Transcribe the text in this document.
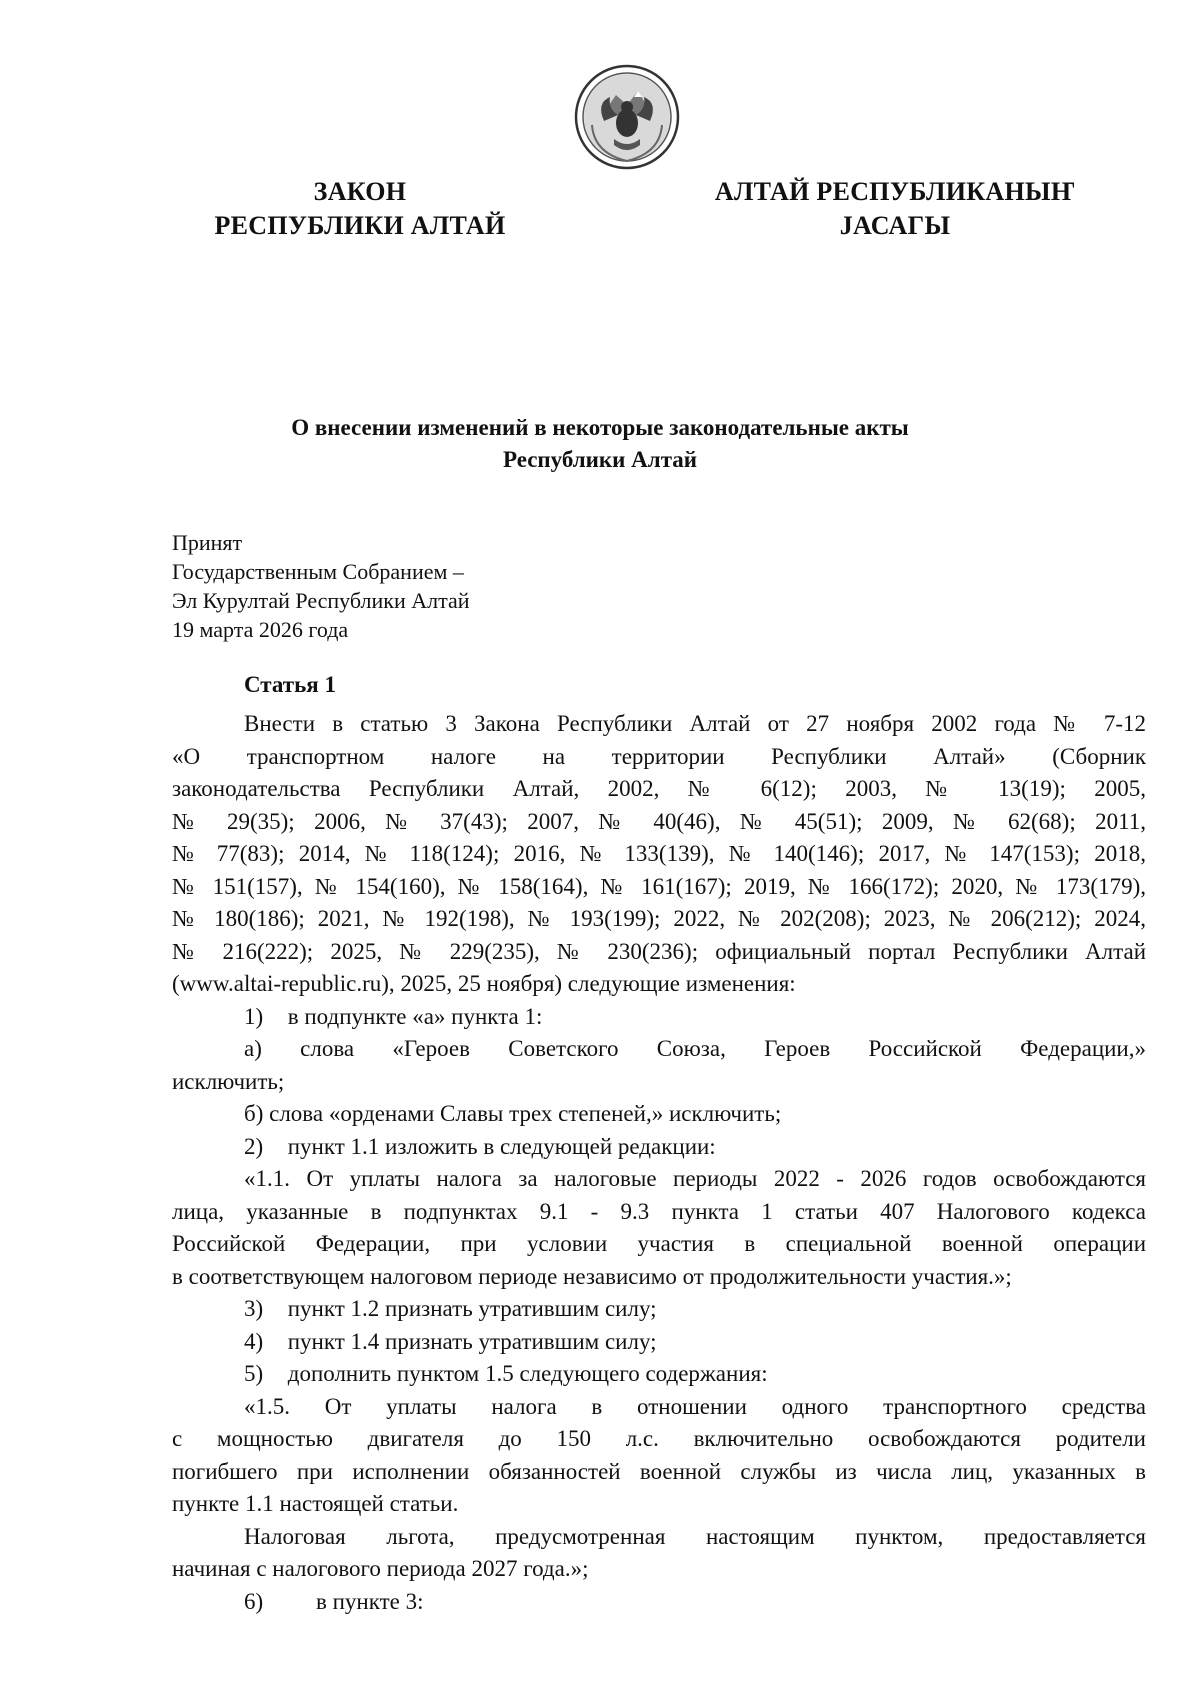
ЗАКОН
РЕСПУБЛИКИ АЛТАЙ
АЛТАЙ РЕСПУБЛИКАНЫҤ
ЈАСАГЫ
О внесении изменений в некоторые законодательные акты
Республики Алтай
Принят
Государственным Собранием –
Эл Курултай Республики Алтай
19 марта 2026 года
Статья 1

Внести в статью 3 Закона Республики Алтай от 27 ноября 2002 года № 7-12

«О транспортном налоге на территории Республики Алтай» (Сборник

законодательства Республики Алтай, 2002, № 6(12); 2003, № 13(19); 2005,

№ 29(35); 2006, № 37(43); 2007, № 40(46), № 45(51); 2009, № 62(68); 2011,

№ 77(83); 2014, № 118(124); 2016, № 133(139), № 140(146); 2017, № 147(153); 2018,

№ 151(157), № 154(160), № 158(164), № 161(167); 2019, № 166(172); 2020, № 173(179),

№ 180(186); 2021, № 192(198), № 193(199); 2022, № 202(208); 2023, № 206(212); 2024,

№ 216(222); 2025, № 229(235), № 230(236); официальный портал Республики Алтай

(www.altai-republic.ru), 2025, 25 ноября) следующие изменения:

1) в подпункте «а» пункта 1:

а) слова «Героев Советского Союза, Героев Российской Федерации,»

исключить;

б) слова «орденами Славы трех степеней,» исключить;

2) пункт 1.1 изложить в следующей редакции:

«1.1. От уплаты налога за налоговые периоды 2022 - 2026 годов освобождаются

лица, указанные в подпунктах 9.1 - 9.3 пункта 1 статьи 407 Налогового кодекса

Российской Федерации, при условии участия в специальной военной операции

в соответствующем налоговом периоде независимо от продолжительности участия.»;

3) пункт 1.2 признать утратившим силу;

4) пункт 1.4 признать утратившим силу;

5) дополнить пунктом 1.5 следующего содержания:

«1.5. От уплаты налога в отношении одного транспортного средства

с мощностью двигателя до 150 л.с. включительно освобождаются родители

погибшего при исполнении обязанностей военной службы из числа лиц, указанных в

пункте 1.1 настоящей статьи.

Налоговая льгота, предусмотренная настоящим пунктом, предоставляется

начиная с налогового периода 2027 года.»;

6) в пункте 3:
